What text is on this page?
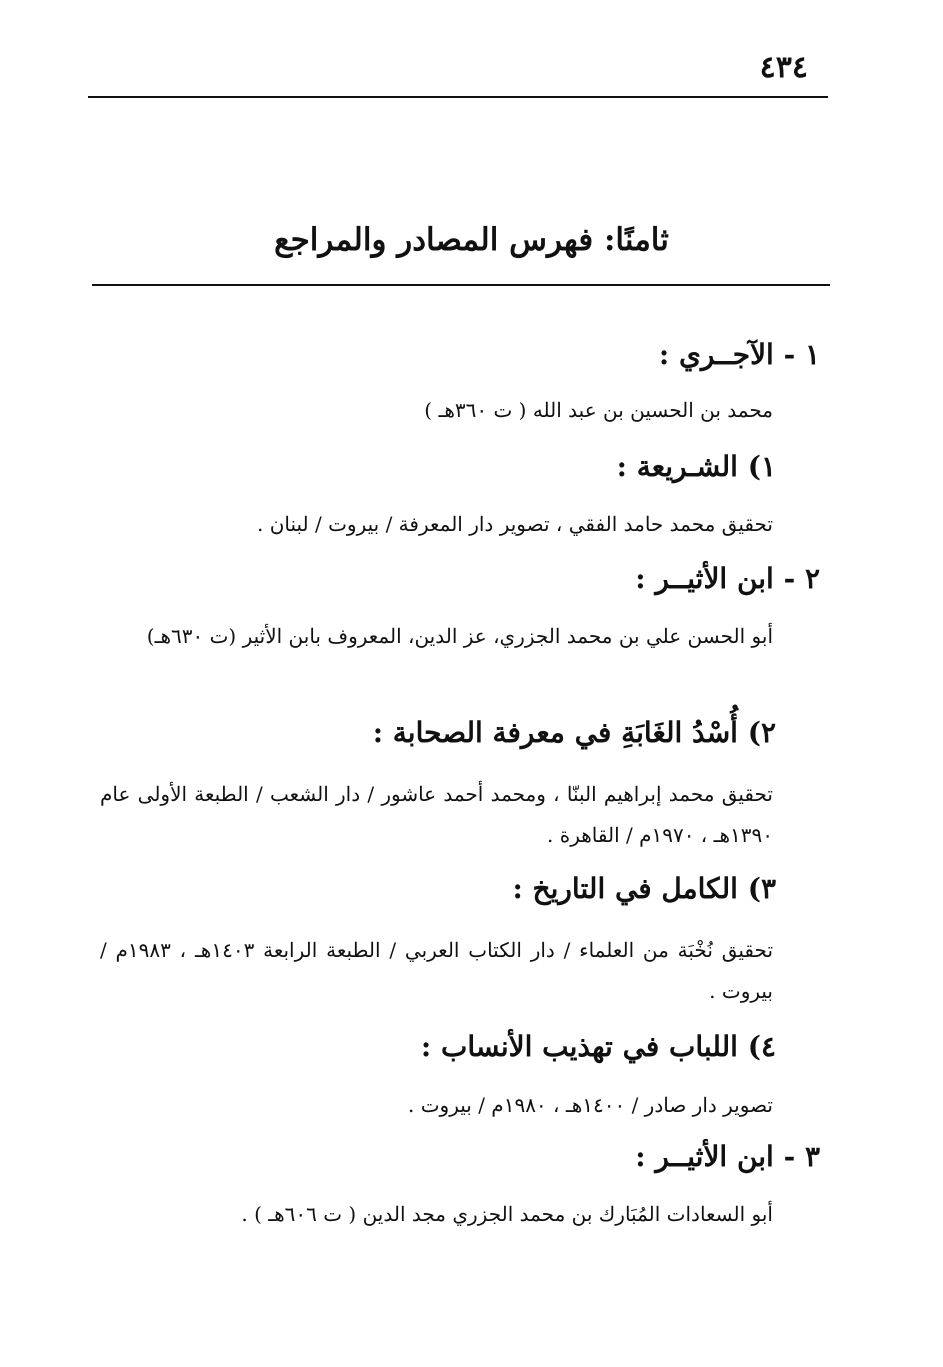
٤٣٤
ثامنًا: فهرس المصادر والمراجع
١ - الآجــري :
محمد بن الحسين بن عبد الله ( ت ٣٦٠هـ )
١) الشـريعة :
تحقيق محمد حامد الفقي ، تصوير دار المعرفة / بيروت / لبنان .
٢ - ابن الأثيــر :
أبو الحسن علي بن محمد الجزري، عز الدين، المعروف بابن الأثير (ت ٦٣٠هـ)
٢) أُسْدُ الغَابَةِ في معرفة الصحابة :
تحقيق محمد إبراهيم البنّا ، ومحمد أحمد عاشور / دار الشعب / الطبعة الأولى عام ١٣٩٠هـ ، ١٩٧٠م / القاهرة .
٣) الكامل في التاريخ :
تحقيق نُخْبَة من العلماء / دار الكتاب العربي / الطبعة الرابعة ١٤٠٣هـ ، ١٩٨٣م / بيروت .
٤) اللباب في تهذيب الأنساب :
تصوير دار صادر / ١٤٠٠هـ ، ١٩٨٠م / بيروت .
٣ - ابن الأثيــر :
أبو السعادات المُبَارك بن محمد الجزري مجد الدين ( ت ٦٠٦هـ ) .
